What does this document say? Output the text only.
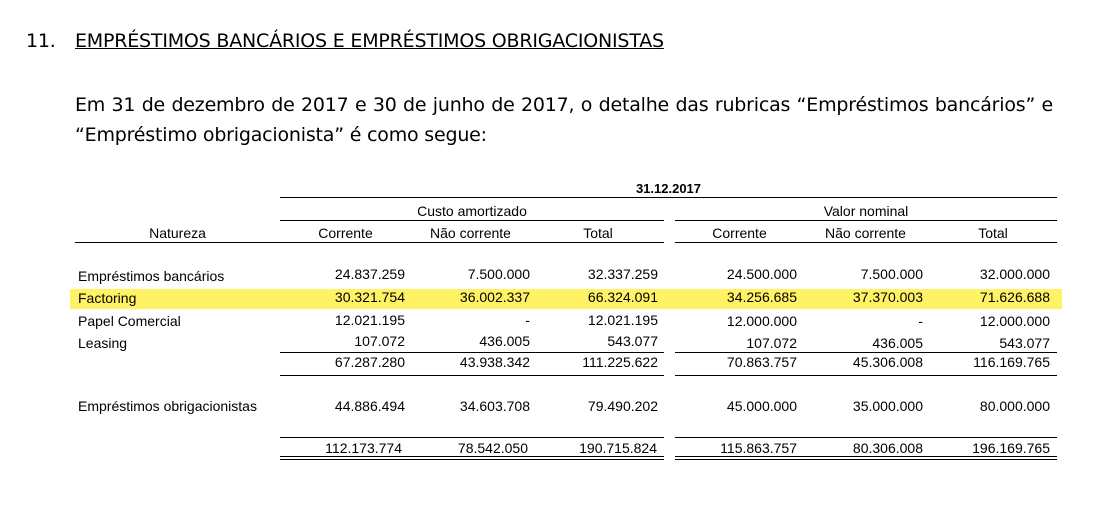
11. EMPRÉSTIMOS BANCÁRIOS E EMPRÉSTIMOS OBRIGACIONISTAS
Em 31 de dezembro de 2017 e 30 de junho de 2017, o detalhe das rubricas “Empréstimos bancários” e “Empréstimo obrigacionista” é como segue:
31.12.2017
Custo amortizado	Valor nominal
Natureza	Corrente	Não corrente	Total	Corrente	Não corrente	Total
Empréstimos bancários	24.837.259	7.500.000	32.337.259	24.500.000	7.500.000	32.000.000
Factoring	30.321.754	36.002.337	66.324.091	34.256.685	37.370.003	71.626.688
Papel Comercial	12.021.195	-	12.021.195	12.000.000	-	12.000.000
Leasing	107.072	436.005	543.077	107.072	436.005	543.077
67.287.280	43.938.342	111.225.622	70.863.757	45.306.008	116.169.765
Empréstimos obrigacionistas	44.886.494	34.603.708	79.490.202	45.000.000	35.000.000	80.000.000
112.173.774	78.542.050	190.715.824	115.863.757	80.306.008	196.169.765
